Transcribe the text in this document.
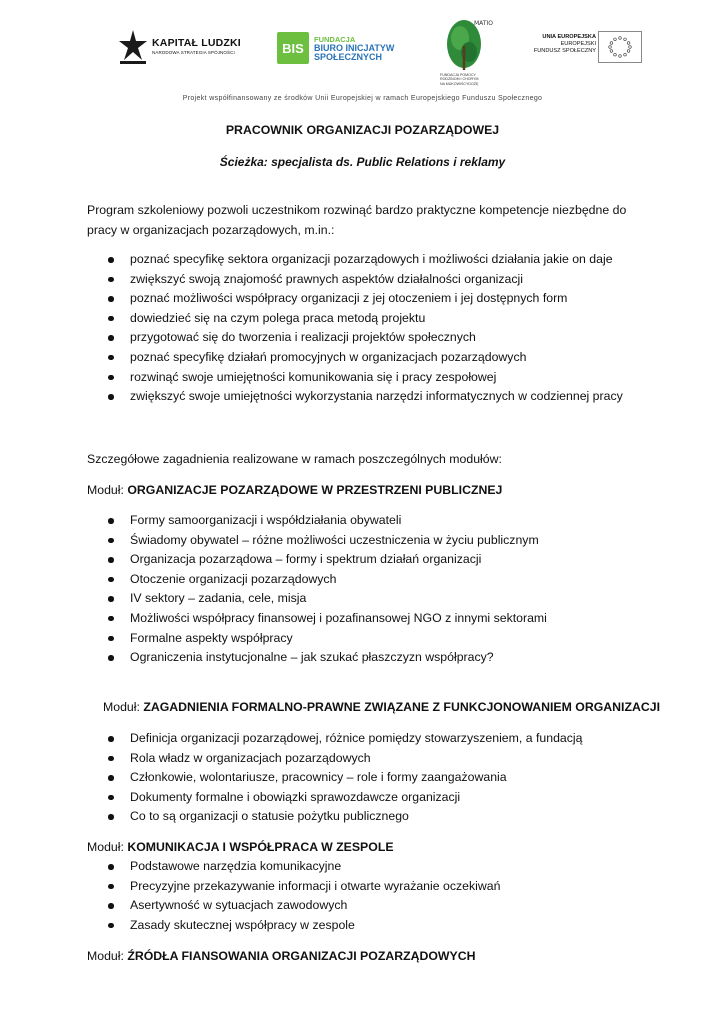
KAPITAŁ LUDZKI
NARODOWA STRATEGIA SPÓJNOŚCI	BIS
FUNDACJA
BIURO INICJATYW
SPOŁECZNYCH
MATIO
FUNDACJA POMOCY
RODZINOM I CHORYM
NA MUKOWISCYDOZĘ
UNIA EUROPEJSKA
EUROPEJSKI
FUNDUSZ SPOŁECZNY
Projekt współfinansowany ze środków Unii Europejskiej w ramach Europejskiego Funduszu Społecznego
PRACOWNIK ORGANIZACJI POZARZĄDOWEJ
Ścieżka: specjalista ds. Public Relations i reklamy
Program szkoleniowy pozwoli uczestnikom rozwinąć bardzo praktyczne kompetencje niezbędne do pracy w organizacjach pozarządowych, m.in.:
poznać specyfikę sektora organizacji pozarządowych i możliwości działania jakie on daje
zwiększyć swoją znajomość prawnych aspektów działalności organizacji
poznać możliwości współpracy organizacji z jej otoczeniem i jej dostępnych form
dowiedzieć się na czym polega praca metodą projektu
przygotować się do tworzenia i realizacji projektów społecznych
poznać specyfikę działań promocyjnych w organizacjach pozarządowych
rozwinąć swoje umiejętności komunikowania się i pracy zespołowej
zwiększyć swoje umiejętności wykorzystania narzędzi informatycznych w codziennej pracy
Szczegółowe zagadnienia realizowane w ramach poszczególnych modułów:
Moduł: ORGANIZACJE POZARZĄDOWE W PRZESTRZENI PUBLICZNEJ
Formy samoorganizacji i współdziałania obywateli
Świadomy obywatel – różne możliwości uczestniczenia w życiu publicznym
Organizacja pozarządowa – formy i spektrum działań organizacji
Otoczenie organizacji pozarządowych
IV sektory – zadania, cele, misja
Możliwości współpracy finansowej i pozafinansowej NGO z innymi sektorami
Formalne aspekty współpracy
Ograniczenia instytucjonalne – jak szukać płaszczyzn współpracy?
Moduł: ZAGADNIENIA FORMALNO-PRAWNE ZWIĄZANE Z FUNKCJONOWANIEM ORGANIZACJI
Definicja organizacji pozarządowej, różnice pomiędzy stowarzyszeniem, a fundacją
Rola władz w organizacjach pozarządowych
Członkowie, wolontariusze, pracownicy – role i formy zaangażowania
Dokumenty formalne i obowiązki sprawozdawcze organizacji
Co to są organizacji o statusie pożytku publicznego
Moduł: KOMUNIKACJA I WSPÓŁPRACA W ZESPOLE
Podstawowe narzędzia komunikacyjne
Precyzyjne przekazywanie informacji i otwarte wyrażanie oczekiwań
Asertywność w sytuacjach zawodowych
Zasady skutecznej współpracy w zespole
Moduł: ŹRÓDŁA FIANSOWANIA ORGANIZACJI POZARZĄDOWYCH
